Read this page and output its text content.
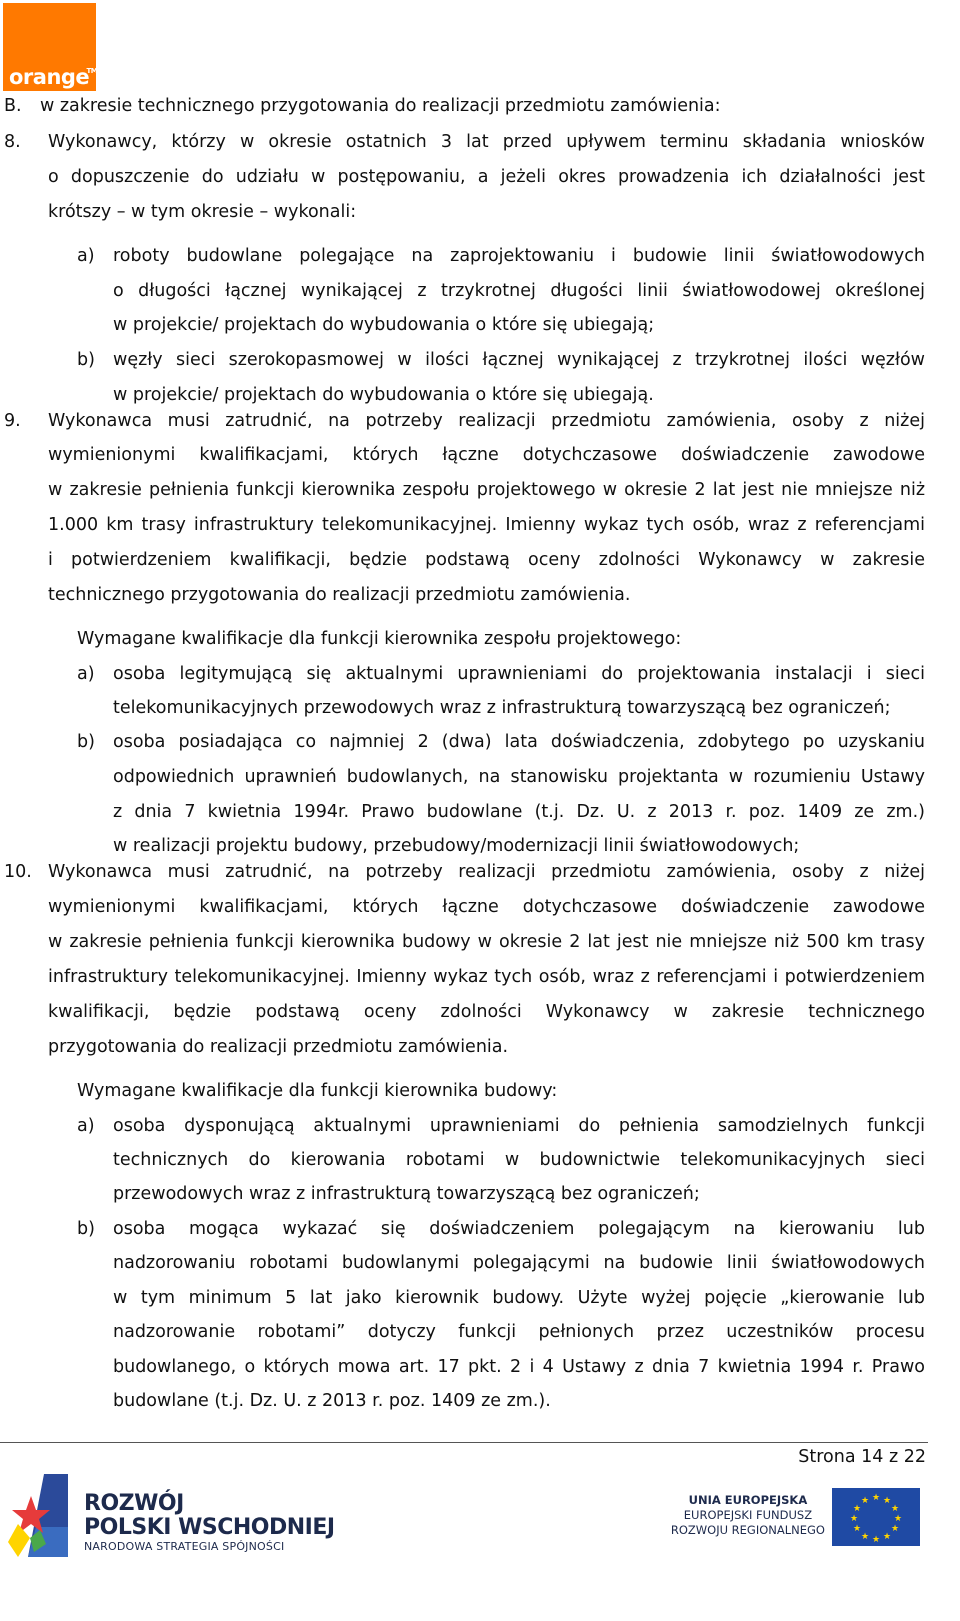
orange
TM
B. w zakresie technicznego przygotowania do realizacji przedmiotu zamówienia:
8. Wykonawcy, którzy w okresie ostatnich 3 lat przed upływem terminu składania wniosków
o dopuszczenie do udziału w postępowaniu, a jeżeli okres prowadzenia ich działalności jest
krótszy – w tym okresie – wykonali:
a) roboty budowlane polegające na zaprojektowaniu i budowie linii światłowodowych
o długości łącznej wynikającej z trzykrotnej długości linii światłowodowej określonej
w projekcie/ projektach do wybudowania o które się ubiegają;
b) węzły sieci szerokopasmowej w ilości łącznej wynikającej z trzykrotnej ilości węzłów
w projekcie/ projektach do wybudowania o które się ubiegają.
9. Wykonawca musi zatrudnić, na potrzeby realizacji przedmiotu zamówienia, osoby z niżej
wymienionymi kwalifikacjami, których łączne dotychczasowe doświadczenie zawodowe
w zakresie pełnienia funkcji kierownika zespołu projektowego w okresie 2 lat jest nie mniejsze niż
1.000 km trasy infrastruktury telekomunikacyjnej. Imienny wykaz tych osób, wraz z referencjami
i potwierdzeniem kwalifikacji, będzie podstawą oceny zdolności Wykonawcy w zakresie
technicznego przygotowania do realizacji przedmiotu zamówienia.
Wymagane kwalifikacje dla funkcji kierownika zespołu projektowego:
a) osoba legitymującą się aktualnymi uprawnieniami do projektowania instalacji i sieci
telekomunikacyjnych przewodowych wraz z infrastrukturą towarzyszącą bez ograniczeń;
b) osoba posiadająca co najmniej 2 (dwa) lata doświadczenia, zdobytego po uzyskaniu
odpowiednich uprawnień budowlanych, na stanowisku projektanta w rozumieniu Ustawy
z dnia 7 kwietnia 1994r. Prawo budowlane (t.j. Dz. U. z 2013 r. poz. 1409 ze zm.)
w realizacji projektu budowy, przebudowy/modernizacji linii światłowodowych;
10. Wykonawca musi zatrudnić, na potrzeby realizacji przedmiotu zamówienia, osoby z niżej
wymienionymi kwalifikacjami, których łączne dotychczasowe doświadczenie zawodowe
w zakresie pełnienia funkcji kierownika budowy w okresie 2 lat jest nie mniejsze niż 500 km trasy
infrastruktury telekomunikacyjnej. Imienny wykaz tych osób, wraz z referencjami i potwierdzeniem
kwalifikacji, będzie podstawą oceny zdolności Wykonawcy w zakresie technicznego
przygotowania do realizacji przedmiotu zamówienia.
Wymagane kwalifikacje dla funkcji kierownika budowy:
a) osoba dysponującą aktualnymi uprawnieniami do pełnienia samodzielnych funkcji
technicznych do kierowania robotami w budownictwie telekomunikacyjnych sieci
przewodowych wraz z infrastrukturą towarzyszącą bez ograniczeń;
b) osoba mogąca wykazać się doświadczeniem polegającym na kierowaniu lub
nadzorowaniu robotami budowlanymi polegającymi na budowie linii światłowodowych
w tym minimum 5 lat jako kierownik budowy. Użyte wyżej pojęcie „kierowanie lub
nadzorowanie robotami” dotyczy funkcji pełnionych przez uczestników procesu
budowlanego, o których mowa art. 17 pkt. 2 i 4 Ustawy z dnia 7 kwietnia 1994 r. Prawo
budowlane (t.j. Dz. U. z 2013 r. poz. 1409 ze zm.).
Strona 14 z 22
ROZWÓJ
POLSKI WSCHODNIEJ
NARODOWA STRATEGIA SPÓJNOŚCI
UNIA EUROPEJSKA
EUROPEJSKI FUNDUSZ
ROZWOJU REGIONALNEGO
★ ★
★
★
★
★
★
★
★
★
★
★
